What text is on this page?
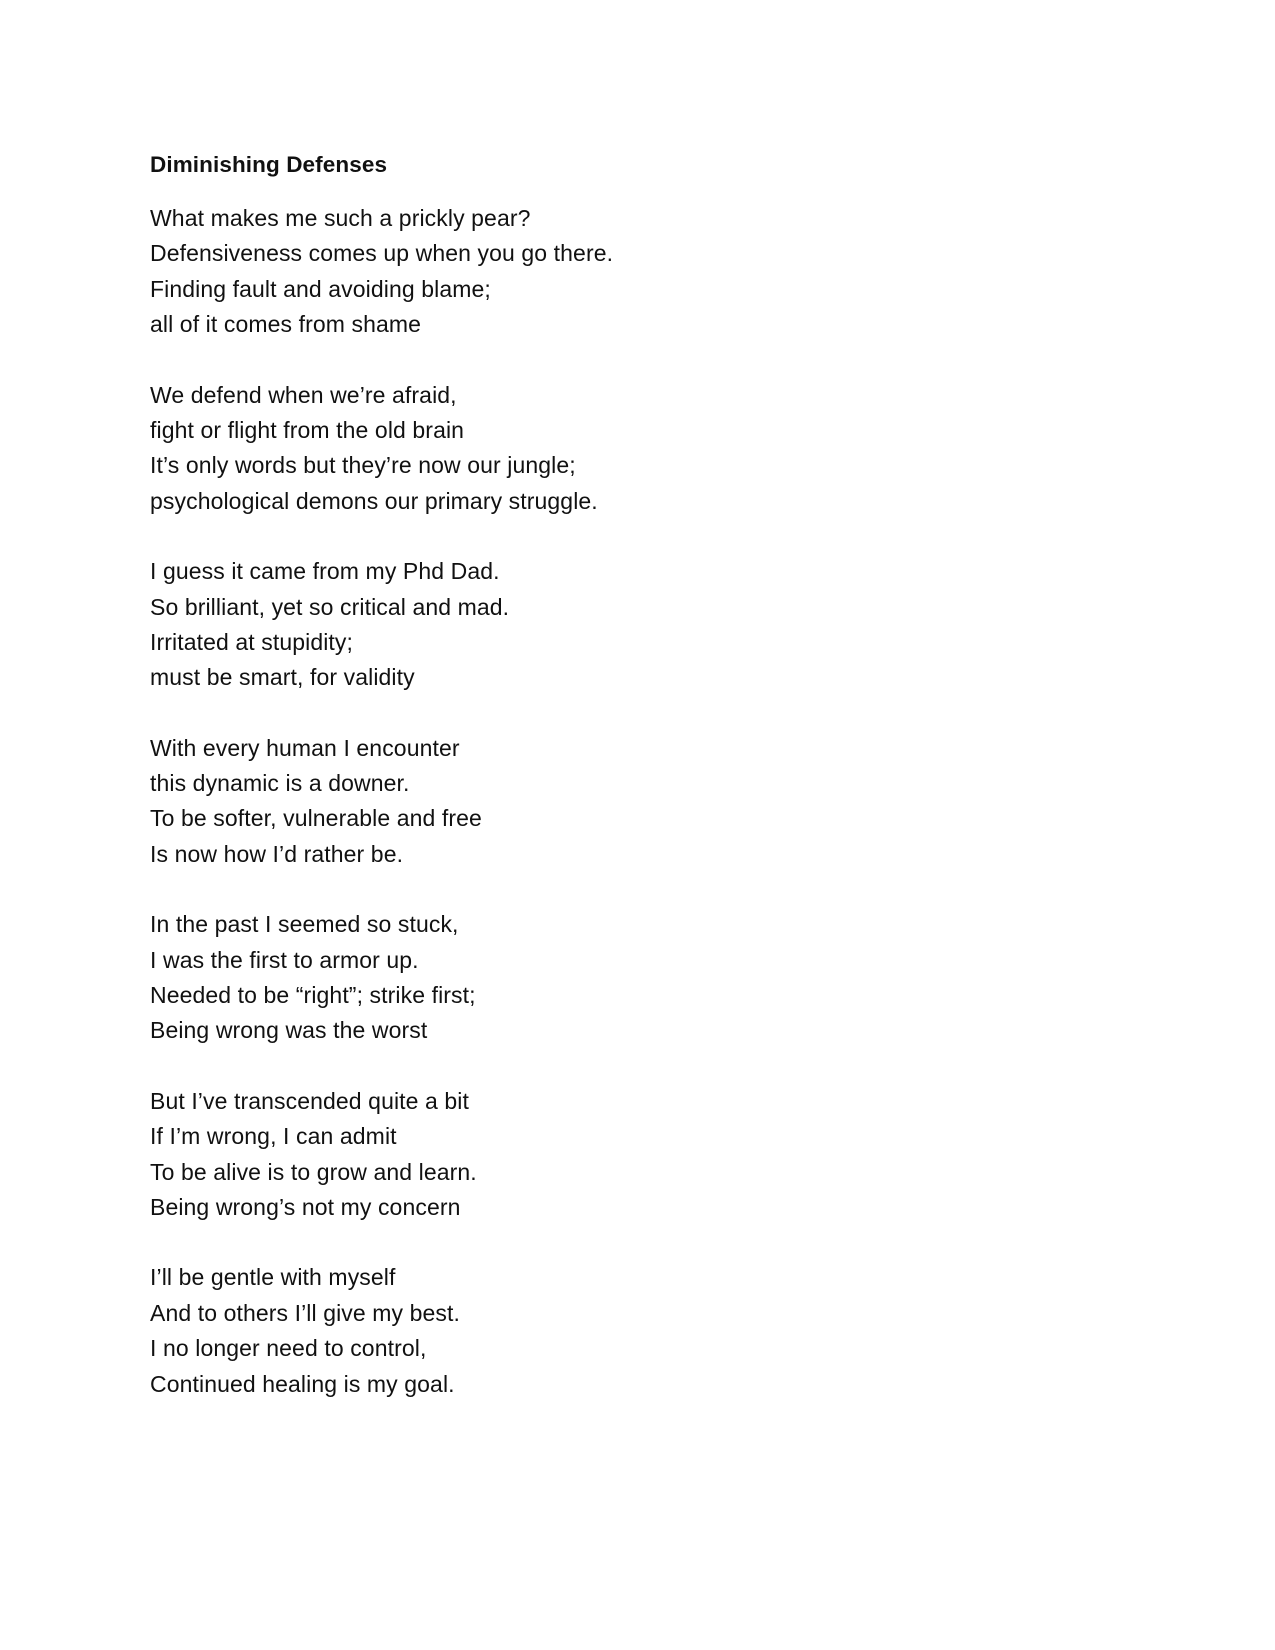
Diminishing Defenses
What makes me such a prickly pear?
Defensiveness comes up when you go there.
Finding fault and avoiding blame;
all of it comes from shame
We defend when we’re afraid,
fight or flight from the old brain
It’s only words but they’re now our jungle;
psychological demons our primary struggle.
I guess it came from my Phd Dad.
So brilliant, yet so critical and mad.
Irritated at stupidity;
must be smart, for validity
With every human I encounter
this dynamic is a downer.
To be softer, vulnerable and free
Is now how I’d rather be.
In the past I seemed so stuck,
I was the first to armor up.
Needed to be “right”; strike first;
Being wrong was the worst
But I’ve transcended quite a bit
If I’m wrong, I can admit
To be alive is to grow and learn.
Being wrong’s not my concern
I’ll be gentle with myself
And to others I’ll give my best.
I no longer need to control,
Continued healing is my goal.
